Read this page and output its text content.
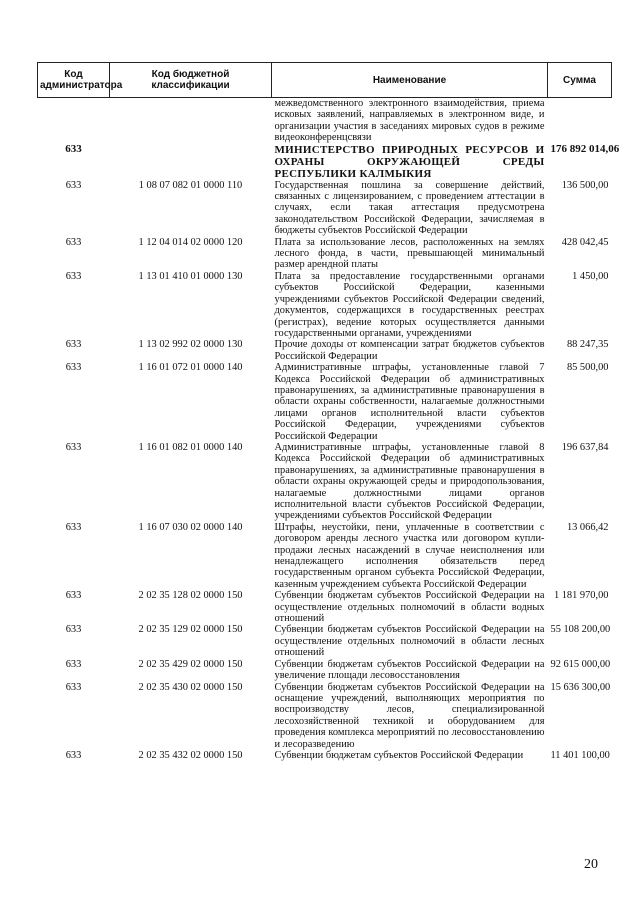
Код администратора	Код бюджетной классификации	Наименование	Сумма
		межведомственного электронного взаимодействия, приема исковых заявлений, направляемых в электронном виде, и организации участия в заседаниях мировых судов в режиме видеоконференцсвязи	
633		МИНИСТЕРСТВО ПРИРОДНЫХ РЕСУРСОВ И ОХРАНЫ ОКРУЖАЮЩЕЙ СРЕДЫ РЕСПУБЛИКИ КАЛМЫКИЯ	176 892 014,06
633	1 08 07 082 01 0000 110	Государственная пошлина за совершение действий, связанных с лицензированием, с проведением аттестации в случаях, если такая аттестация предусмотрена законодательством Российской Федерации, зачисляемая в бюджеты субъектов Российской Федерации	136 500,00
633	1 12 04 014 02 0000 120	Плата за использование лесов, расположенных на землях лесного фонда, в части, превышающей минимальный размер арендной платы	428 042,45
633	1 13 01 410 01 0000 130	Плата за предоставление государственными органами субъектов Российской Федерации, казенными учреждениями субъектов Российской Федерации сведений, документов, содержащихся в государственных реестрах (регистрах), ведение которых осуществляется данными государственными органами, учреждениями	1 450,00
633	1 13 02 992 02 0000 130	Прочие доходы от компенсации затрат бюджетов субъектов Российской Федерации	88 247,35
633	1 16 01 072 01 0000 140	Административные штрафы, установленные главой 7 Кодекса Российской Федерации об административных правонарушениях, за административные правонарушения в области охраны собственности, налагаемые должностными лицами органов исполнительной власти субъектов Российской Федерации, учреждениями субъектов Российской Федерации	85 500,00
633	1 16 01 082 01 0000 140	Административные штрафы, установленные главой 8 Кодекса Российской Федерации об административных правонарушениях, за административные правонарушения в области охраны окружающей среды и природопользования, налагаемые должностными лицами органов исполнительной власти субъектов Российской Федерации, учреждениями субъектов Российской Федерации	196 637,84
633	1 16 07 030 02 0000 140	Штрафы, неустойки, пени, уплаченные в соответствии с договором аренды лесного участка или договором купли-продажи лесных насаждений в случае неисполнения или ненадлежащего исполнения обязательств перед государственным органом субъекта Российской Федерации, казенным учреждением субъекта Российской Федерации	13 066,42
633	2 02 35 128 02 0000 150	Субвенции бюджетам субъектов Российской Федерации на осуществление отдельных полномочий в области водных отношений	1 181 970,00
633	2 02 35 129 02 0000 150	Субвенции бюджетам субъектов Российской Федерации на осуществление отдельных полномочий в области лесных отношений	55 108 200,00
633	2 02 35 429 02 0000 150	Субвенции бюджетам субъектов Российской Федерации на увеличение площади лесовосстановления	92 615 000,00
633	2 02 35 430 02 0000 150	Субвенции бюджетам субъектов Российской Федерации на оснащение учреждений, выполняющих мероприятия по воспроизводству лесов, специализированной лесохозяйственной техникой и оборудованием для проведения комплекса мероприятий по лесовосстановлению и лесоразведению	15 636 300,00
633	2 02 35 432 02 0000 150	Субвенции бюджетам субъектов Российской Федерации	11 401 100,00
20
